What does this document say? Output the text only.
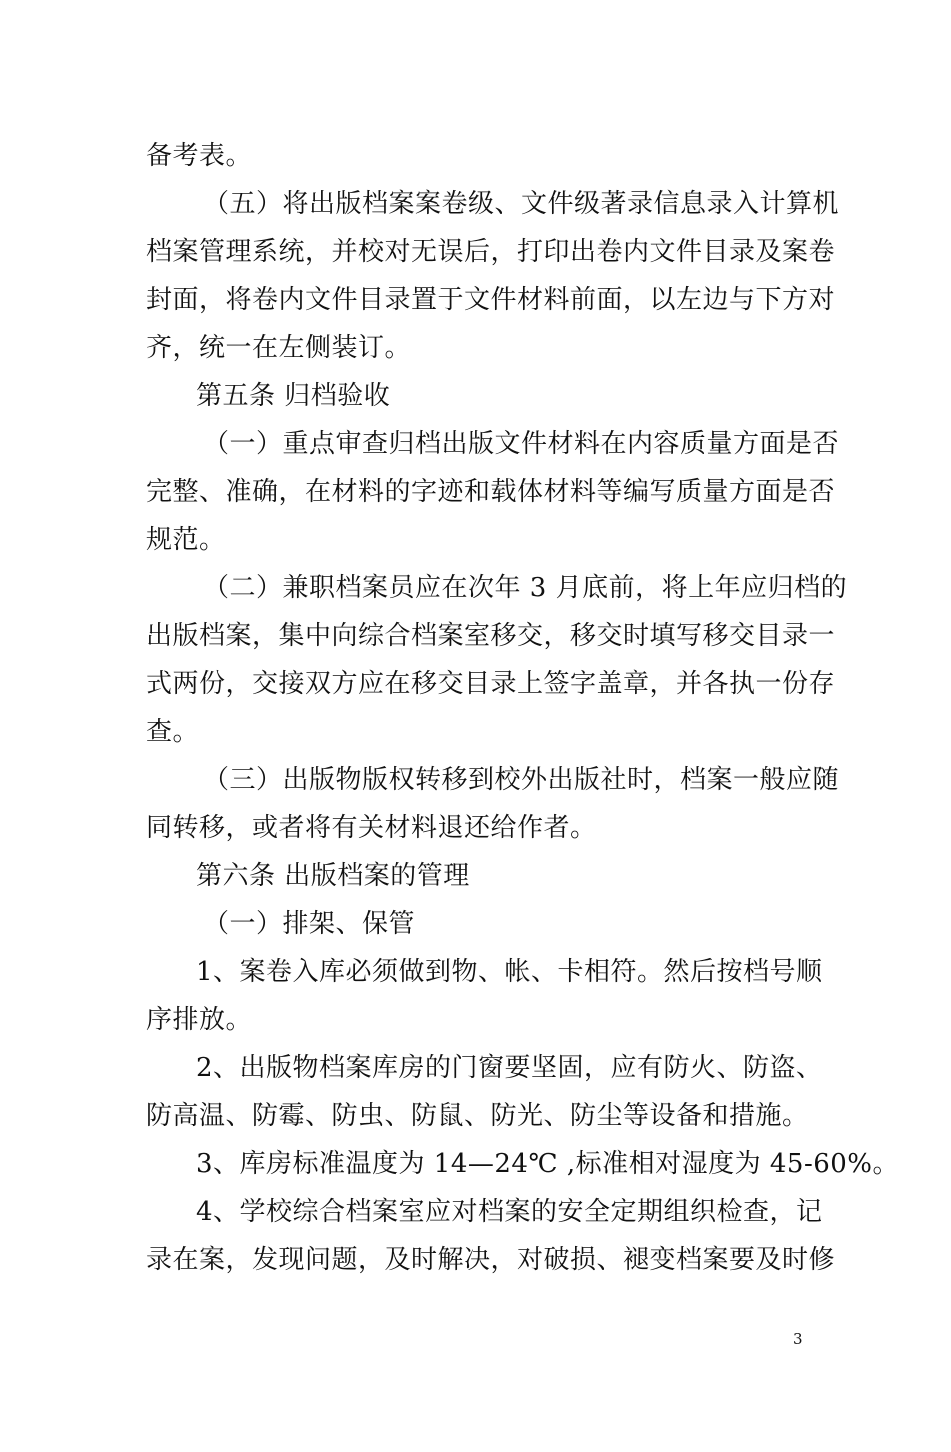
备考表。
（五）将出版档案案卷级、文件级著录信息录入计算机
档案管理系统，并校对无误后，打印出卷内文件目录及案卷
封面，将卷内文件目录置于文件材料前面，以左边与下方对
齐，统一在左侧装订。
第五条 归档验收
（一）重点审查归档出版文件材料在内容质量方面是否
完整、准确，在材料的字迹和载体材料等编写质量方面是否
规范。
（二）兼职档案员应在次年 3 月底前，将上年应归档的
出版档案，集中向综合档案室移交，移交时填写移交目录一
式两份，交接双方应在移交目录上签字盖章，并各执一份存
查。
（三）出版物版权转移到校外出版社时，档案一般应随
同转移，或者将有关材料退还给作者。
第六条 出版档案的管理
（一）排架、保管
1、案卷入库必须做到物、帐、卡相符。然后按档号顺
序排放。
2、出版物档案库房的门窗要坚固，应有防火、防盗、
防高温、防霉、防虫、防鼠、防光、防尘等设备和措施。
3、库房标准温度为 14—24℃ ,标准相对湿度为 45-60%。
4、学校综合档案室应对档案的安全定期组织检查，记
录在案，发现问题，及时解决，对破损、褪变档案要及时修
3
